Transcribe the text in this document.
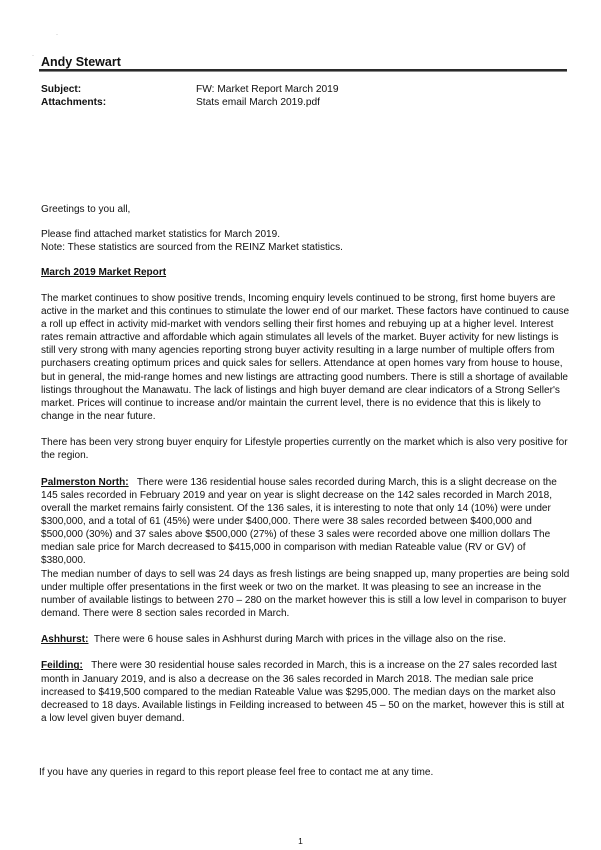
·
· Andy Stewart
Subject:	FW: Market Report March 2019
Attachments:	Stats email March 2019.pdf

Greetings to you all,

Please find attached market statistics for March 2019.

Note: These statistics are sourced from the REINZ Market statistics.

March 2019 Market Report

The market continues to show positive trends, Incoming enquiry levels continued to be strong, first home buyers are active in the market and this continues to stimulate the lower end of our market. These factors have continued to cause a roll up effect in activity mid-market with vendors selling their first homes and rebuying up at a higher level. Interest rates remain attractive and affordable which again stimulates all levels of the market. Buyer activity for new listings is still very strong with many agencies reporting strong buyer activity resulting in a large number of multiple offers from purchasers creating optimum prices and quick sales for sellers. Attendance at open homes vary from house to house, but in general, the mid-range homes and new listings are attracting good numbers. There is still a shortage of available listings throughout the Manawatu. The lack of listings and high buyer demand are clear indicators of a Strong Seller's market. Prices will continue to increase and/or maintain the current level, there is no evidence that this is likely to change in the near future.

There has been very strong buyer enquiry for Lifestyle properties currently on the market which is also very positive for the region.

Palmerston North: There were 136 residential house sales recorded during March, this is a slight decrease on the 145 sales recorded in February 2019 and year on year is slight decrease on the 142 sales recorded in March 2018, overall the market remains fairly consistent. Of the 136 sales, it is interesting to note that only 14 (10%) were under $300,000, and a total of 61 (45%) were under $400,000. There were 38 sales recorded between $400,000 and $500,000 (30%) and 37 sales above $500,000 (27%) of these 3 sales were recorded above one million dollars The median sale price for March decreased to $415,000 in comparison with median Rateable value (RV or GV) of $380,000.

The median number of days to sell was 24 days as fresh listings are being snapped up, many properties are being sold under multiple offer presentations in the first week or two on the market. It was pleasing to see an increase in the number of available listings to between 270 – 280 on the market however this is still a low level in comparison to buyer demand. There were 8 section sales recorded in March.

Ashhurst: There were 6 house sales in Ashhurst during March with prices in the village also on the rise.

Feilding: There were 30 residential house sales recorded in March, this is a increase on the 27 sales recorded last month in January 2019, and is also a decrease on the 36 sales recorded in March 2018. The median sale price increased to $419,500 compared to the median Rateable Value was $295,000. The median days on the market also decreased to 18 days. Available listings in Feilding increased to between 45 – 50 on the market, however this is still at a low level given buyer demand.

If you have any queries in regard to this report please feel free to contact me at any time.
1
